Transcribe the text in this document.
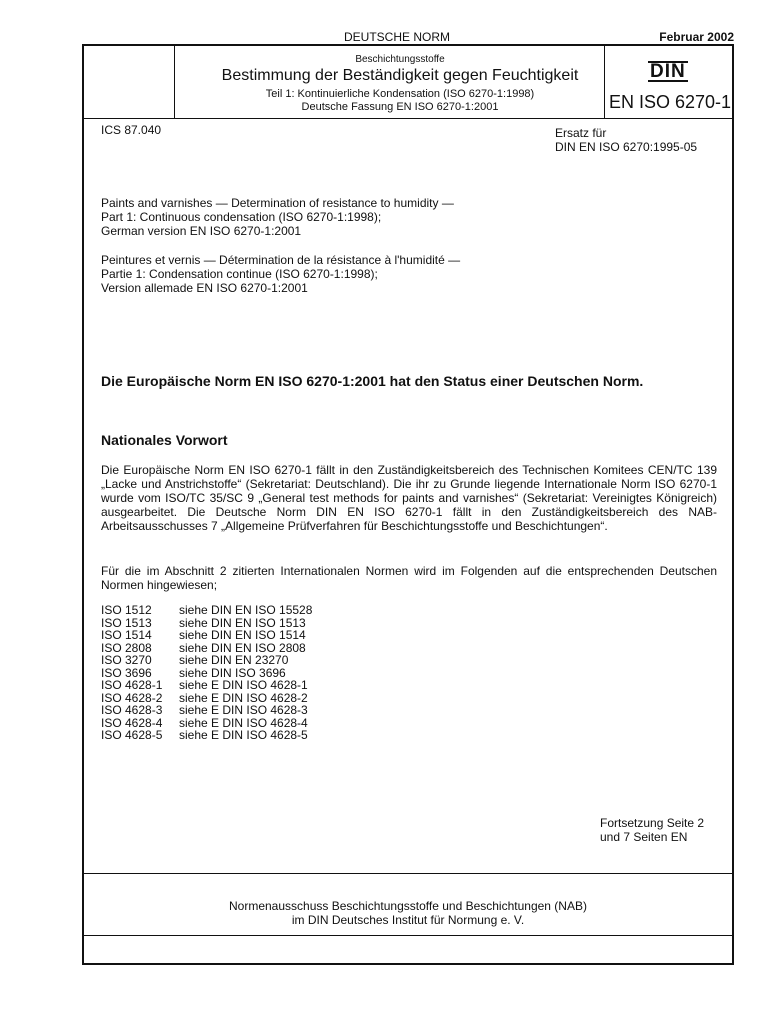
DEUTSCHE NORM	Februar 2002
Beschichtungsstoffe
Bestimmung der Beständigkeit gegen Feuchtigkeit
Teil 1: Kontinuierliche Kondensation (ISO 6270-1:1998)
Deutsche Fassung EN ISO 6270-1:2001
DIN
EN ISO 6270-1
ICS 87.040	Ersatz für
DIN EN ISO 6270:1995-05
Paints and varnishes — Determination of resistance to humidity —
Part 1: Continuous condensation (ISO 6270-1:1998);
German version EN ISO 6270-1:2001
Peintures et vernis — Détermination de la résistance à l'humidité —
Partie 1: Condensation continue (ISO 6270-1:1998);
Version allemade EN ISO 6270-1:2001
Die Europäische Norm EN ISO 6270-1:2001 hat den Status einer Deutschen Norm.
Nationales Vorwort
Die Europäische Norm EN ISO 6270-1 fällt in den Zuständigkeitsbereich des Technischen Komitees CEN/TC 139 „Lacke und Anstrichstoffe“ (Sekretariat: Deutschland). Die ihr zu Grunde liegende Internationale Norm ISO 6270-1 wurde vom ISO/TC 35/SC 9 „General test methods for paints and varnishes“ (Sekretariat: Vereinigtes Königreich) ausgearbeitet. Die Deutsche Norm DIN EN ISO 6270-1 fällt in den Zuständigkeitsbereich des NAB-Arbeitsausschusses 7 „Allgemeine Prüfverfahren für Beschichtungsstoffe und Beschichtungen“.
Für die im Abschnitt 2 zitierten Internationalen Normen wird im Folgenden auf die entsprechenden Deutschen Normen hingewiesen;
ISO 1512 siehe DIN EN ISO 15528
ISO 1513 siehe DIN EN ISO 1513
ISO 1514 siehe DIN EN ISO 1514
ISO 2808 siehe DIN EN ISO 2808
ISO 3270 siehe DIN EN 23270
ISO 3696 siehe DIN ISO 3696
ISO 4628-1 siehe E DIN ISO 4628-1
ISO 4628-2 siehe E DIN ISO 4628-2
ISO 4628-3 siehe E DIN ISO 4628-3
ISO 4628-4 siehe E DIN ISO 4628-4
ISO 4628-5 siehe E DIN ISO 4628-5
Fortsetzung Seite 2
und 7 Seiten EN
Normenausschuss Beschichtungsstoffe und Beschichtungen (NAB)
im DIN Deutsches Institut für Normung e. V.
